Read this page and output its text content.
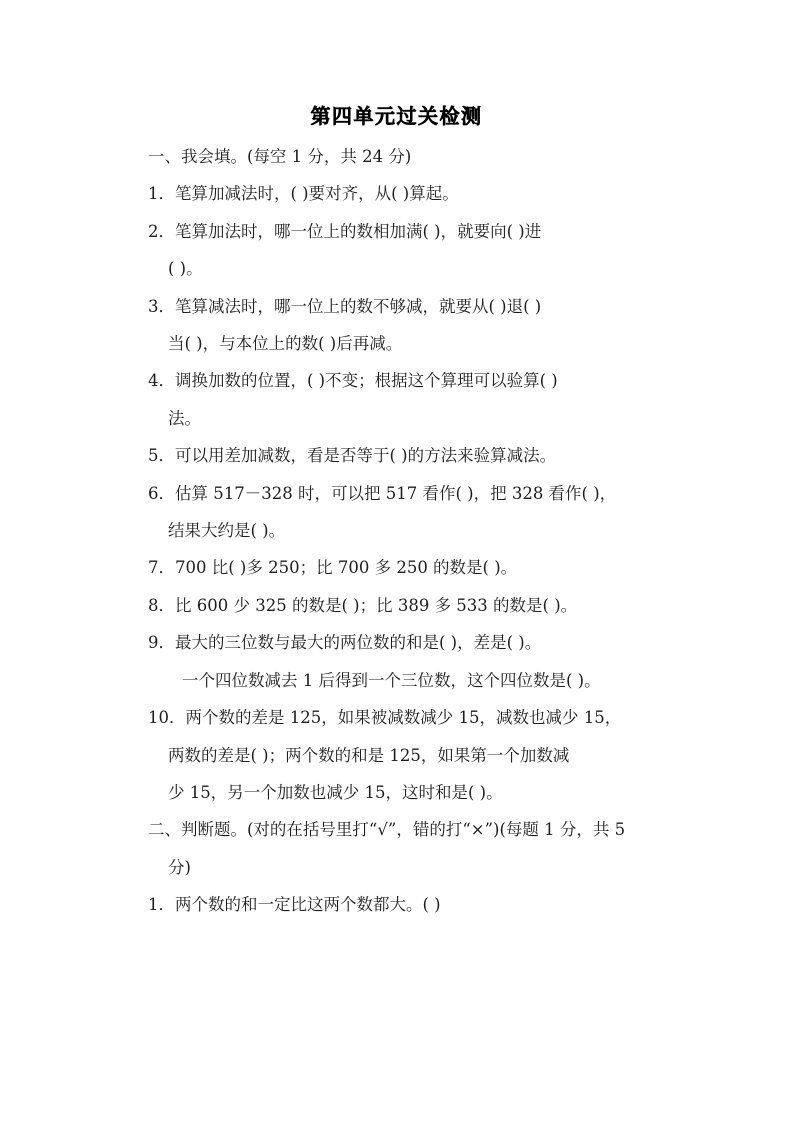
第四单元过关检测
一、我会填。(每空 1 分，共 24 分)
1．笔算加减法时，( )要对齐，从( )算起。
2．笔算加法时，哪一位上的数相加满( )，就要向( )进
( )。
3．笔算减法时，哪一位上的数不够减，就要从( )退( )
当( )，与本位上的数( )后再减。
4．调换加数的位置，( )不变；根据这个算理可以验算( )
法。
5．可以用差加减数，看是否等于( )的方法来验算减法。
6．估算 517－328 时，可以把 517 看作( )，把 328 看作( )，
结果大约是( )。
7．700 比( )多 250；比 700 多 250 的数是( )。
8．比 600 少 325 的数是( )；比 389 多 533 的数是( )。
9．最大的三位数与最大的两位数的和是( )，差是( )。
一个四位数减去 1 后得到一个三位数，这个四位数是( )。
10．两个数的差是 125，如果被减数减少 15，减数也减少 15，
两数的差是( )；两个数的和是 125，如果第一个加数减
少 15，另一个加数也减少 15，这时和是( )。
二、判断题。(对的在括号里打“√”，错的打“×”)(每题 1 分，共 5
分)
1．两个数的和一定比这两个数都大。( )
